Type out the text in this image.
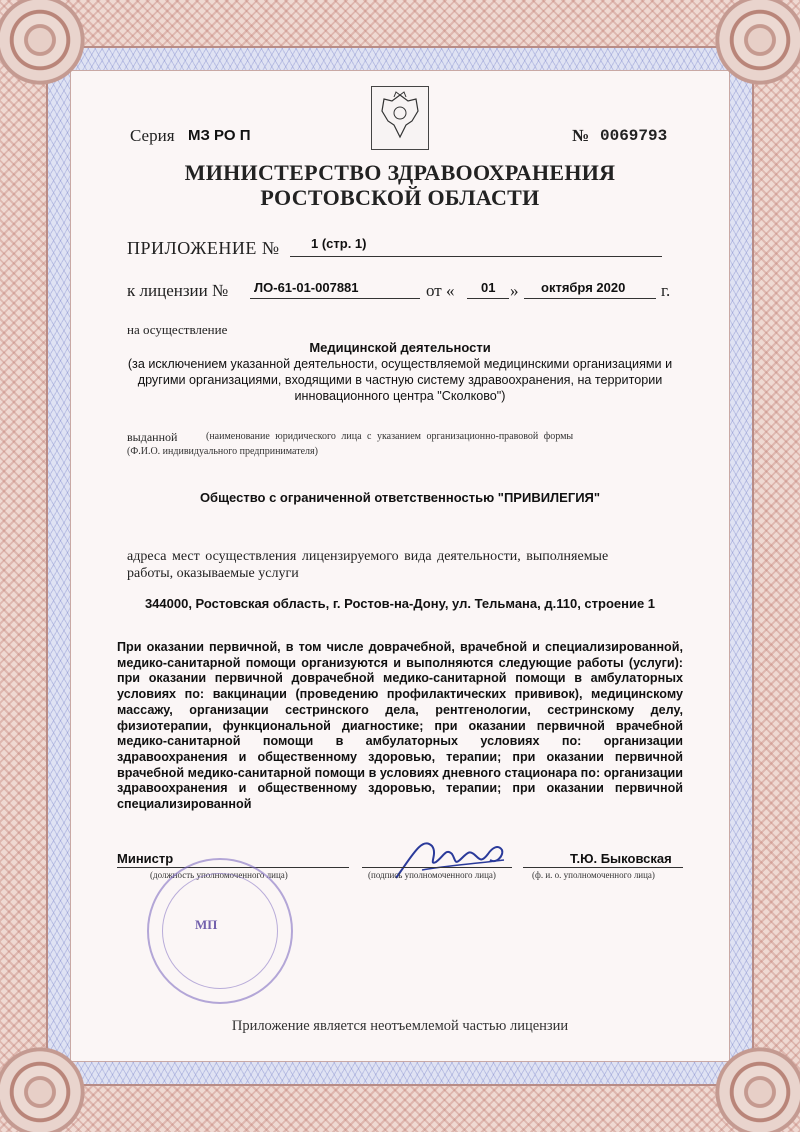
Серия МЗ РО П	№ 0069793
МИНИСТЕРСТВО ЗДРАВООХРАНЕНИЯ
РОСТОВСКОЙ ОБЛАСТИ
ПРИЛОЖЕНИЕ № 1 (стр. 1)
к лицензии № ЛО-61-01-007881	от « 01 » октября 2020 г.
на осуществление
Медицинской деятельности
(за исключением указанной деятельности, осуществляемой медицинскими организациями и другими организациями, входящими в частную систему здравоохранения, на территории инновационного центра "Сколково")
выданной	(наименование юридического лица с указанием организационно-правовой формы
(Ф.И.О. индивидуального предпринимателя)
Общество с ограниченной ответственностью "ПРИВИЛЕГИЯ"
адреса мест осуществления лицензируемого вида деятельности, выполняемые
работы, оказываемые услуги
344000, Ростовская область, г. Ростов-на-Дону, ул. Тельмана, д.110, строение 1
При оказании первичной, в том числе доврачебной, врачебной и специализированной, медико-санитарной помощи организуются и выполняются следующие работы (услуги): при оказании первичной доврачебной медико-санитарной помощи в амбулаторных условиях по: вакцинации (проведению профилактических прививок), медицинскому массажу, организации сестринского дела, рентгенологии, сестринскому делу, физиотерапии, функциональной диагностике; при оказании первичной врачебной медико-санитарной помощи в амбулаторных условиях по: организации здравоохранения и общественному здоровью, терапии; при оказании первичной врачебной медико-санитарной помощи в условиях дневного стационара по: организации здравоохранения и общественному здоровью, терапии; при оказании первичной специализированной
Министр
(должность уполномоченного лица)	(подпись уполномоченного лица)
Т.Ю. Быковская
(ф. и. о. уполномоченного лица)
МП
Приложение является неотъемлемой частью лицензии
